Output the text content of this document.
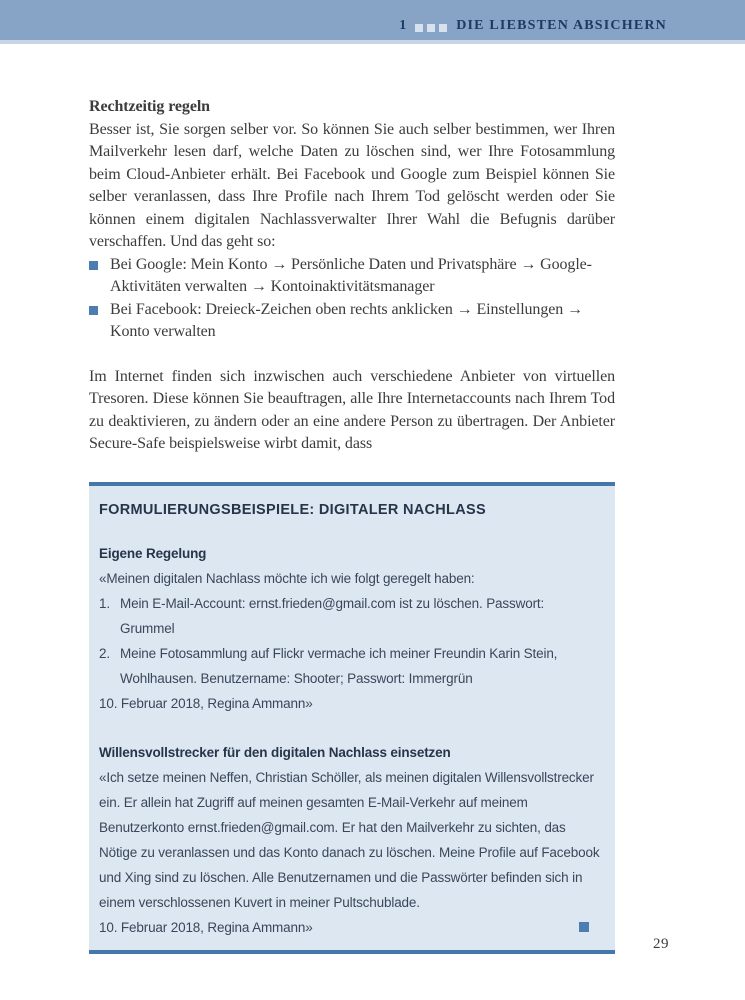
1	DIE LIEBSTEN ABSICHERN
Rechtzeitig regeln

Besser ist, Sie sorgen selber vor. So können Sie auch selber bestimmen, wer Ihren Mailverkehr lesen darf, welche Daten zu löschen sind, wer Ihre Fotosammlung beim Cloud-Anbieter erhält. Bei Facebook und Google zum Beispiel können Sie selber veranlassen, dass Ihre Profile nach Ihrem Tod gelöscht werden oder Sie können einem digitalen Nachlassverwalter Ihrer Wahl die Befugnis darüber verschaffen. Und das geht so:

Bei Google: Mein Konto → Persönliche Daten und Privatsphäre → Google-Aktivitäten verwalten → Kontoinaktivitätsmanager
Bei Facebook: Dreieck-Zeichen oben rechts anklicken → Einstellungen → Konto verwalten

Im Internet finden sich inzwischen auch verschiedene Anbieter von virtuellen Tresoren. Diese können Sie beauftragen, alle Ihre Internetaccounts nach Ihrem Tod zu deaktivieren, zu ändern oder an eine andere Person zu übertragen. Der Anbieter Secure-Safe beispielsweise wirbt damit, dass

FORMULIERUNGSBEISPIELE: DIGITALER NACHLASS
Eigene Regelung

«Meinen digitalen Nachlass möchte ich wie folgt geregelt haben:

1. Mein E-Mail-Account: ernst.frieden@gmail.com ist zu löschen. Passwort: Grummel
2. Meine Fotosammlung auf Flickr vermache ich meiner Freundin Karin Stein, Wohlhausen. Benutzername: Shooter; Passwort: Immergrün

10. Februar 2018, Regina Ammann»

Willensvollstrecker für den digitalen Nachlass einsetzen

«Ich setze meinen Neffen, Christian Schöller, als meinen digitalen Willensvollstrecker ein. Er allein hat Zugriff auf meinen gesamten E-Mail-Verkehr auf meinem Benutzerkonto ernst.frieden@gmail.com. Er hat den Mailverkehr zu sichten, das Nötige zu veranlassen und das Konto danach zu löschen. Meine Profile auf Facebook und Xing sind zu löschen. Alle Benutzernamen und die Passwörter befinden sich in einem verschlossenen Kuvert in meiner Pultschublade.

10. Februar 2018, Regina Ammann»
29
